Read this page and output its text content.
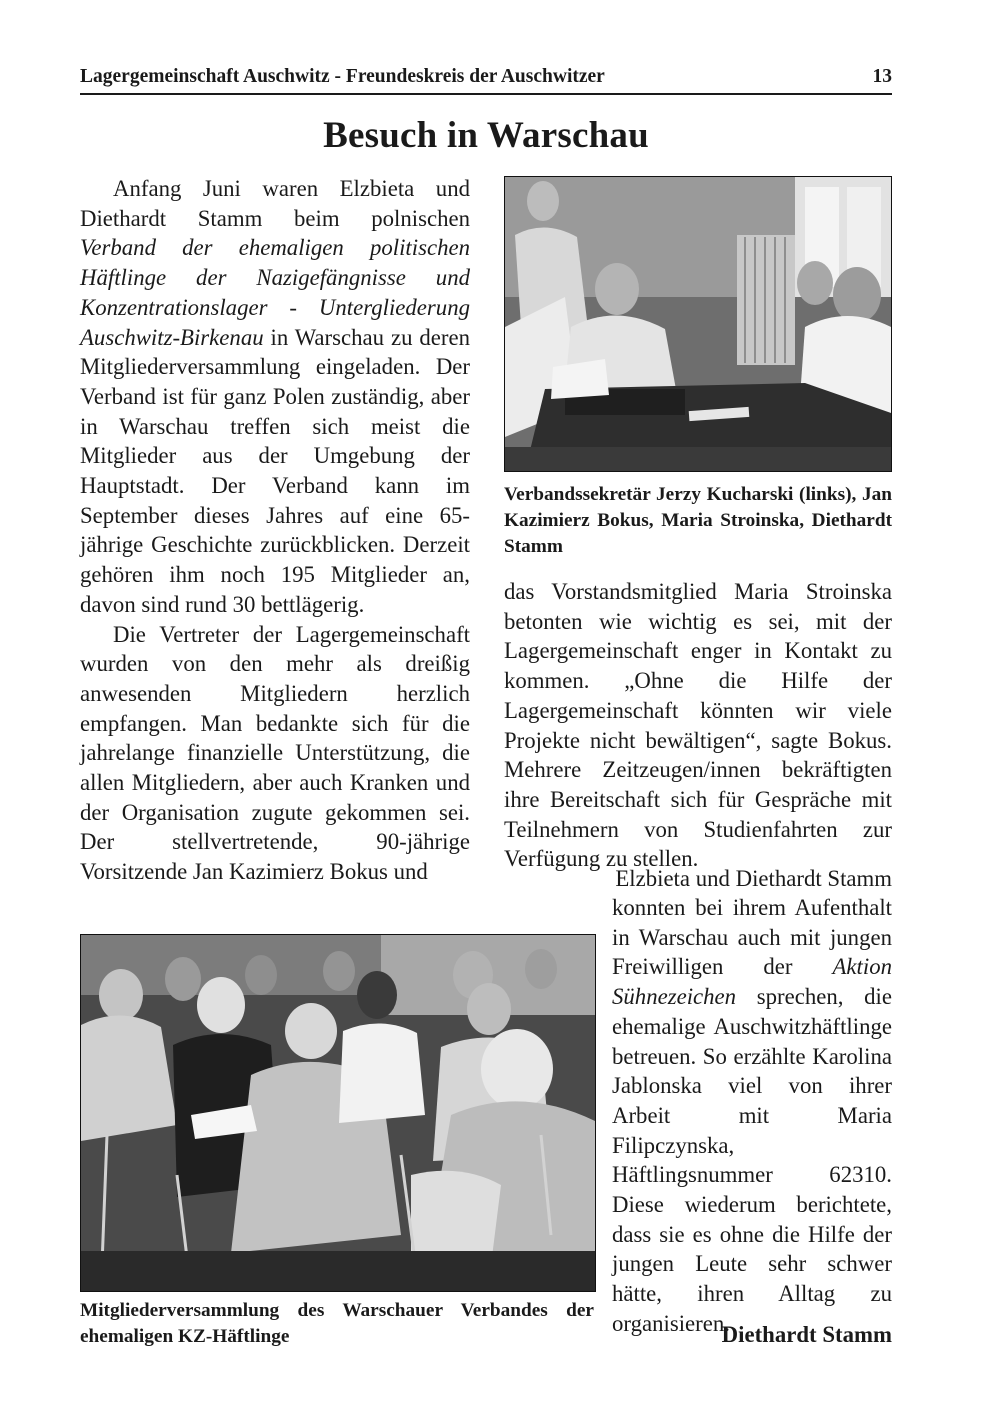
Lagergemeinschaft Auschwitz - Freundeskreis der Auschwitzer	13
Besuch in Warschau

Anfang Juni waren Elzbieta und Diethardt Stamm beim polnischen Verband der ehemaligen politischen Häftlinge der Nazigefängnisse und Konzentrationslager - Untergliederung Auschwitz-Birkenau in Warschau zu deren Mitgliederversammlung eingeladen. Der Verband ist für ganz Polen zuständig, aber in Warschau treffen sich meist die Mitglieder aus der Umgebung der Hauptstadt. Der Verband kann im September dieses Jahres auf eine 65-jährige Geschichte zurückblicken. Derzeit gehören ihm noch 195 Mitglieder an, davon sind rund 30 bettlägerig.

Die Vertreter der Lagergemeinschaft wurden von den mehr als dreißig anwesenden Mitgliedern herzlich empfangen. Man bedankte sich für die jahrelange finanzielle Unterstützung, die allen Mitgliedern, aber auch Kranken und der Organisation zugute gekommen sei. Der stellvertretende, 90-jährige Vorsitzende Jan Kazimierz Bokus und

Verbandssekretär Jerzy Kucharski (links), Jan Kazimierz Bokus, Maria Stroinska, Diethardt Stamm

das Vorstandsmitglied Maria Stroinska betonten wie wichtig es sei, mit der Lagergemeinschaft enger in Kontakt zu kommen. „Ohne die Hilfe der Lagergemeinschaft könnten wir viele Projekte nicht bewältigen“, sagte Bokus. Mehrere Zeitzeugen/innen bekräftigten ihre Bereitschaft sich für Gespräche mit Teilnehmern von Studienfahrten zur Verfügung zu stellen.

Elzbieta und Diethardt Stamm

konnten bei ihrem Aufenthalt in Warschau auch mit jungen Freiwilligen der Aktion Sühnezeichen sprechen, die ehemalige Auschwitzhäftlinge betreuen. So erzählte Karolina Jablonska viel von ihrer Arbeit mit Maria Filipczynska, Häftlingsnummer 62310. Diese wiederum berichtete, dass sie es ohne die Hilfe der jungen Leute sehr schwer hätte, ihren Alltag zu organisieren.

Mitgliederversammlung des Warschauer Verbandes der ehemaligen KZ-Häftlinge	Diethardt Stamm
